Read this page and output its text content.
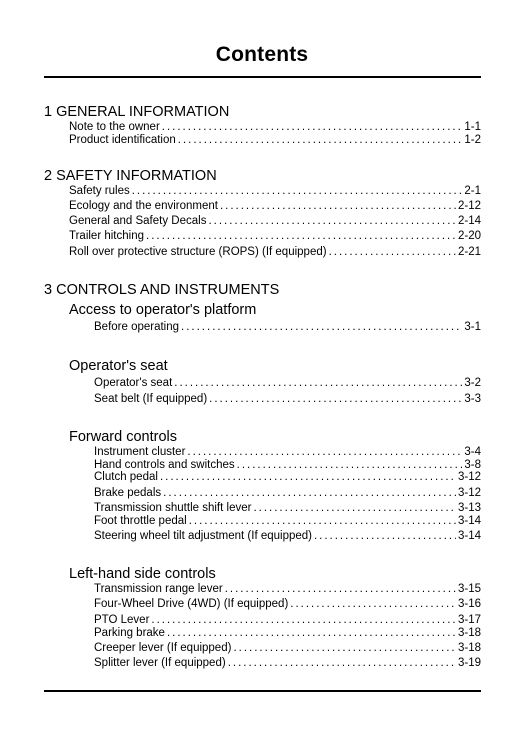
Contents
1 GENERAL INFORMATION
Note to the owner . . .	1-1
Product identification . . .	1-2
2 SAFETY INFORMATION
Safety rules . . .	2-1
Ecology and the environment . . .	2-12
General and Safety Decals . . .	2-14
Trailer hitching . . .	2-20
Roll over protective structure (ROPS) (If equipped) . . .	2-21
3 CONTROLS AND INSTRUMENTS
Access to operator's platform
Before operating . . .	3-1
Operator's seat
Operator's seat . . .	3-2
Seat belt (If equipped) . . .	3-3
Forward controls
Instrument cluster . . .	3-4
Hand controls and switches . . .	3-8
Clutch pedal . . .	3-12
Brake pedals . . .	3-12
Transmission shuttle shift lever . . .	3-13
Foot throttle pedal . . .	3-14
Steering wheel tilt adjustment (If equipped) . . .	3-14
Left-hand side controls
Transmission range lever . . .	3-15
Four-Wheel Drive (4WD) (If equipped) . . .	3-16
PTO Lever . . .	3-17
Parking brake . . .	3-18
Creeper lever (If equipped) . . .	3-18
Splitter lever (If equipped) . . .	3-19
